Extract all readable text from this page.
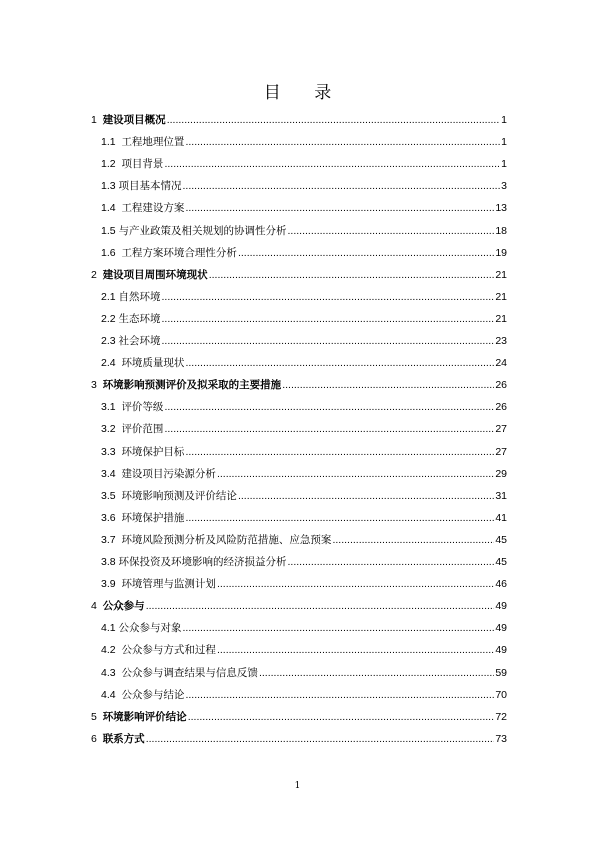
目 录
1 建设项目概况 .....	1
1.1 工程地理位置 .....	1
1.2 项目背景 .....	1
1.3 项目基本情况 .....	3
1.4 工程建设方案 .....	13
1.5 与产业政策及相关规划的协调性分析 .....	18
1.6 工程方案环境合理性分析 .....	19
2 建设项目周围环境现状 .....	21
2.1 自然环境 .....	21
2.2 生态环境 .....	21
2.3 社会环境 .....	23
2.4 环境质量现状 .....	24
3 环境影响预测评价及拟采取的主要措施 .....	26
3.1 评价等级 .....	26
3.2 评价范围 .....	27
3.3 环境保护目标 .....	27
3.4 建设项目污染源分析 .....	29
3.5 环境影响预测及评价结论 .....	31
3.6 环境保护措施 .....	41
3.7 环境风险预测分析及风险防范措施、应急预案 .....	45
3.8 环保投资及环境影响的经济损益分析 .....	45
3.9 环境管理与监测计划 .....	46
4 公众参与 .....	49
4.1 公众参与对象 .....	49
4.2 公众参与方式和过程 .....	49
4.3 公众参与调查结果与信息反馈 .....	59
4.4 公众参与结论 .....	70
5 环境影响评价结论 .....	72
6 联系方式 .....	73
1
